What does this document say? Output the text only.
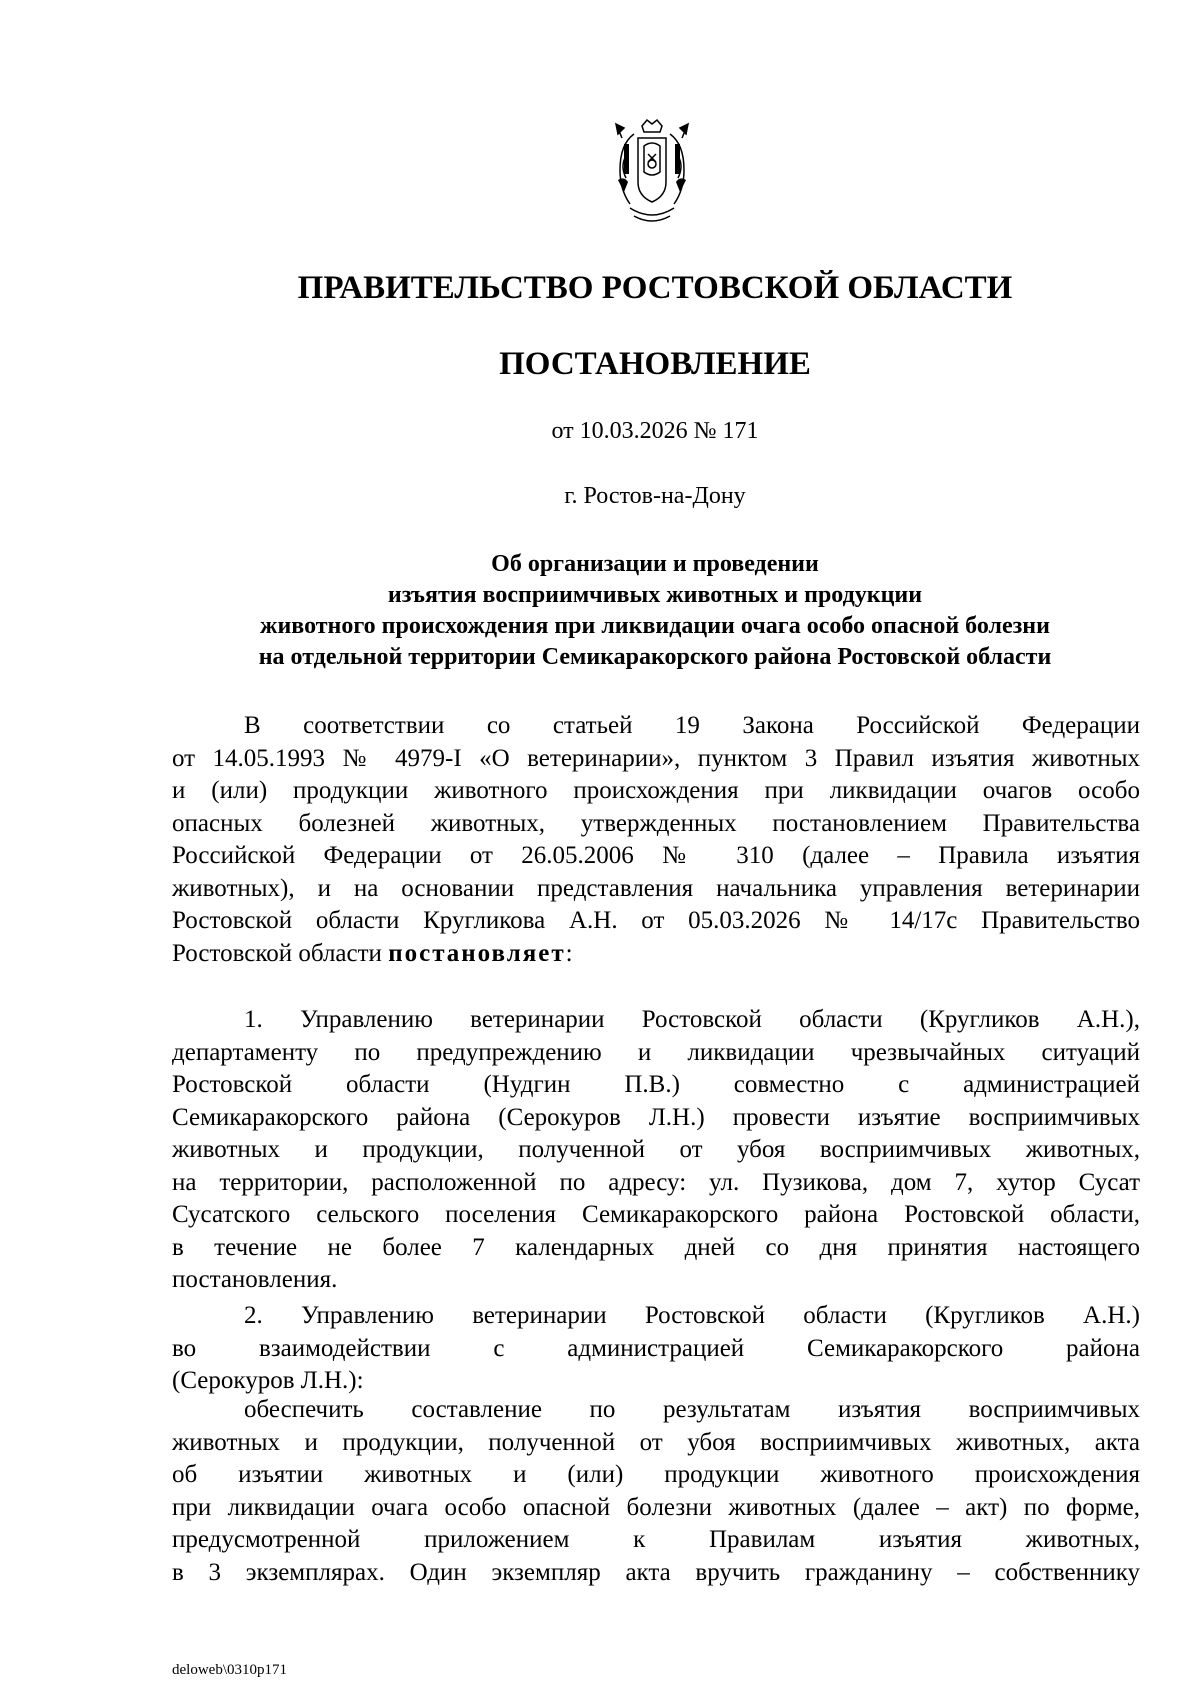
ПРАВИТЕЛЬСТВО РОСТОВСКОЙ ОБЛАСТИ
ПОСТАНОВЛЕНИЕ
от 10.03.2026 № 171
г. Ростов-на-Дону
Об организации и проведении
изъятия восприимчивых животных и продукции
животного происхождения при ликвидации очага особо опасной болезни
на отдельной территории Семикаракорского района Ростовской области
В соответствии со статьей 19 Закона Российской Федерации
от 14.05.1993 № 4979-I «О ветеринарии», пунктом 3 Правил изъятия животных
и (или) продукции животного происхождения при ликвидации очагов особо
опасных болезней животных, утвержденных постановлением Правительства
Российской Федерации от 26.05.2006 № 310 (далее – Правила изъятия
животных), и на основании представления начальника управления ветеринарии
Ростовской области Кругликова А.Н. от 05.03.2026 № 14/17с Правительство
Ростовской области постановляет:
1. Управлению ветеринарии Ростовской области (Кругликов А.Н.),
департаменту по предупреждению и ликвидации чрезвычайных ситуаций
Ростовской области (Нудгин П.В.) совместно с администрацией
Семикаракорского района (Серокуров Л.Н.) провести изъятие восприимчивых
животных и продукции, полученной от убоя восприимчивых животных,
на территории, расположенной по адресу: ул. Пузикова, дом 7, хутор Сусат
Сусатского сельского поселения Семикаракорского района Ростовской области,
в течение не более 7 календарных дней со дня принятия настоящего
постановления.
2. Управлению ветеринарии Ростовской области (Кругликов А.Н.)
во взаимодействии с администрацией Семикаракорского района
(Серокуров Л.Н.):
обеспечить составление по результатам изъятия восприимчивых
животных и продукции, полученной от убоя восприимчивых животных, акта
об изъятии животных и (или) продукции животного происхождения
при ликвидации очага особо опасной болезни животных (далее – акт) по форме,
предусмотренной приложением к Правилам изъятия животных,
в 3 экземплярах. Один экземпляр акта вручить гражданину – собственнику
deloweb\0310p171
